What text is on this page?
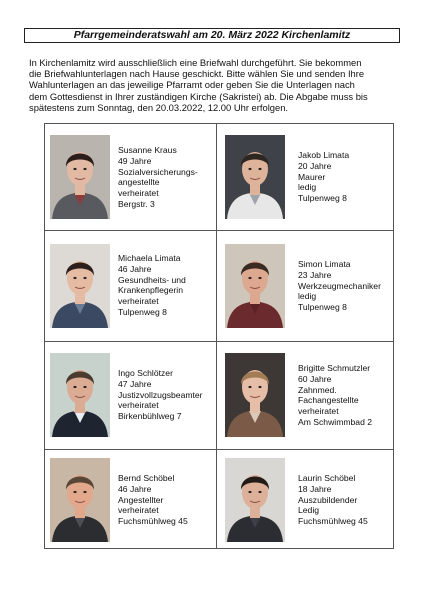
Pfarrgemeinderatswahl am 20. März 2022 Kirchenlamitz
In Kirchenlamitz wird ausschließlich eine Briefwahl durchgeführt. Sie bekommen
die Briefwahlunterlagen nach Hause geschickt. Bitte wählen Sie und senden Ihre
Wahlunterlagen an das jeweilige Pfarramt oder geben Sie die Unterlagen nach
dem Gottesdienst in Ihrer zuständigen Kirche (Sakristei) ab. Die Abgabe muss bis
spätestens zum Sonntag, den 20.03.2022, 12.00 Uhr erfolgen.
Susanne Kraus
49 Jahre
Sozialversicherungs-
angestellte
verheiratet
Bergstr. 3
Jakob Limata
20 Jahre
Maurer
ledig
Tulpenweg 8
Michaela Limata
46 Jahre
Gesundheits- und
Krankenpflegerin
verheiratet
Tulpenweg 8
Simon Limata
23 Jahre
Werkzeugmechaniker
ledig
Tulpenweg 8
Ingo Schlötzer
47 Jahre
Justizvollzugsbeamter
verheiratet
Birkenbühlweg 7
Brigitte Schmutzler
60 Jahre
Zahnmed.
Fachangestellte
verheiratet
Am Schwimmbad 2
Bernd Schöbel
46 Jahre
Angestellter
verheiratet
Fuchsmühlweg 45
Laurin Schöbel
18 Jahre
Auszubildender
Ledig
Fuchsmühlweg 45
